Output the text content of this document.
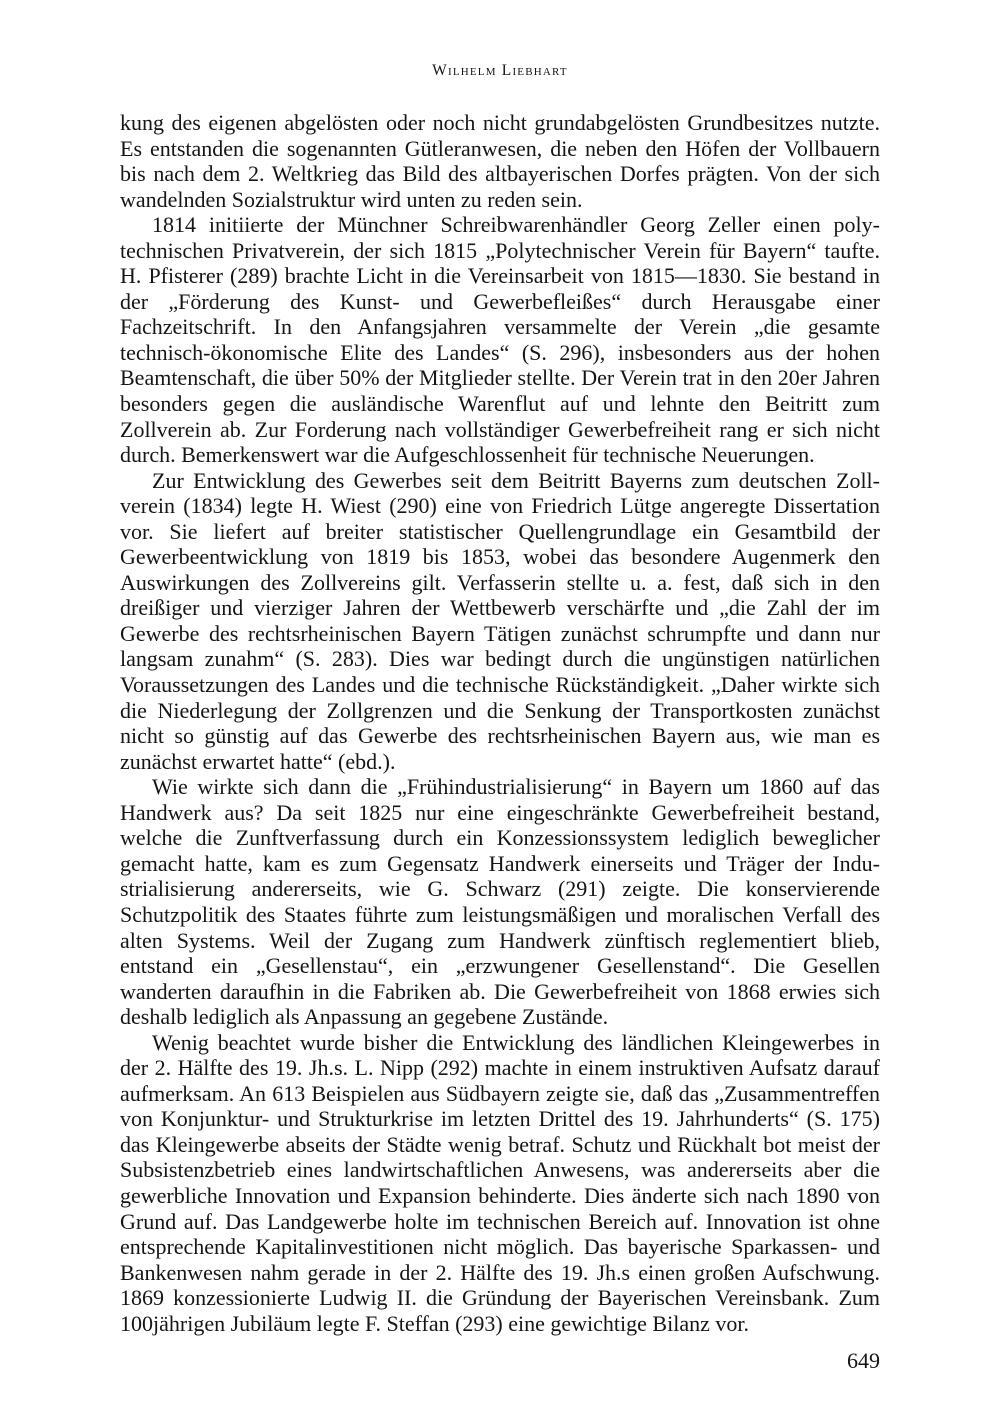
Wilhelm Liebhart

kung des eigenen abgelösten oder noch nicht grundabgelösten Grundbesitzes nutzte. Es entstanden die sogenannten Gütleranwesen, die neben den Höfen der Vollbauern bis nach dem 2. Weltkrieg das Bild des altbayerischen Dorfes prägten. Von der sich wandelnden Sozialstruktur wird unten zu reden sein.

1814 initiierte der Münchner Schreibwarenhändler Georg Zeller einen polytechnischen Privatverein, der sich 1815 „Polytechnischer Verein für Bayern“ taufte. H. Pfisterer (289) brachte Licht in die Vereinsarbeit von 1815—1830. Sie bestand in der „Förderung des Kunst- und Gewerbefleißes“ durch Herausgabe einer Fachzeitschrift. In den Anfangsjahren versammelte der Verein „die gesamte technisch-ökonomische Elite des Landes“ (S. 296), insbesonders aus der hohen Beamtenschaft, die über 50% der Mitglieder stellte. Der Verein trat in den 20er Jahren besonders gegen die ausländische Warenflut auf und lehnte den Beitritt zum Zollverein ab. Zur Forderung nach vollständiger Gewerbefreiheit rang er sich nicht durch. Bemerkenswert war die Aufgeschlossenheit für technische Neuerungen.

Zur Entwicklung des Gewerbes seit dem Beitritt Bayerns zum deutschen Zollverein (1834) legte H. Wiest (290) eine von Friedrich Lütge angeregte Dissertation vor. Sie liefert auf breiter statistischer Quellengrundlage ein Gesamtbild der Gewerbeentwicklung von 1819 bis 1853, wobei das besondere Augenmerk den Auswirkungen des Zollvereins gilt. Verfasserin stellte u. a. fest, daß sich in den dreißiger und vierziger Jahren der Wettbewerb verschärfte und „die Zahl der im Gewerbe des rechtsrheinischen Bayern Tätigen zunächst schrumpfte und dann nur langsam zunahm“ (S. 283). Dies war bedingt durch die ungünstigen natürlichen Voraussetzungen des Landes und die technische Rückständigkeit. „Daher wirkte sich die Niederlegung der Zollgrenzen und die Senkung der Transportkosten zunächst nicht so günstig auf das Gewerbe des rechtsrheinischen Bayern aus, wie man es zunächst erwartet hatte“ (ebd.).

Wie wirkte sich dann die „Frühindustrialisierung“ in Bayern um 1860 auf das Handwerk aus? Da seit 1825 nur eine eingeschränkte Gewerbefreiheit bestand, welche die Zunftverfassung durch ein Konzessionssystem lediglich beweglicher gemacht hatte, kam es zum Gegensatz Handwerk einerseits und Träger der Industrialisierung andererseits, wie G. Schwarz (291) zeigte. Die konservierende Schutzpolitik des Staates führte zum leistungsmäßigen und moralischen Verfall des alten Systems. Weil der Zugang zum Handwerk zünftisch reglementiert blieb, entstand ein „Gesellenstau“, ein „erzwungener Gesellenstand“. Die Gesellen wanderten daraufhin in die Fabriken ab. Die Gewerbefreiheit von 1868 erwies sich deshalb lediglich als Anpassung an gegebene Zustände.

Wenig beachtet wurde bisher die Entwicklung des ländlichen Kleingewerbes in der 2. Hälfte des 19. Jh.s. L. Nipp (292) machte in einem instruktiven Aufsatz darauf aufmerksam. An 613 Beispielen aus Südbayern zeigte sie, daß das „Zusammentreffen von Konjunktur- und Strukturkrise im letzten Drittel des 19. Jahrhunderts“ (S. 175) das Kleingewerbe abseits der Städte wenig betraf. Schutz und Rückhalt bot meist der Subsistenzbetrieb eines landwirtschaftlichen Anwesens, was andererseits aber die gewerbliche Innovation und Expansion behinderte. Dies änderte sich nach 1890 von Grund auf. Das Landgewerbe holte im technischen Bereich auf. Innovation ist ohne entsprechende Kapitalinvestitionen nicht möglich. Das bayerische Sparkassen- und Bankenwesen nahm gerade in der 2. Hälfte des 19. Jh.s einen großen Aufschwung. 1869 konzessionierte Ludwig II. die Gründung der Bayerischen Vereinsbank. Zum 100jährigen Jubiläum legte F. Steffan (293) eine gewichtige Bilanz vor.

649
